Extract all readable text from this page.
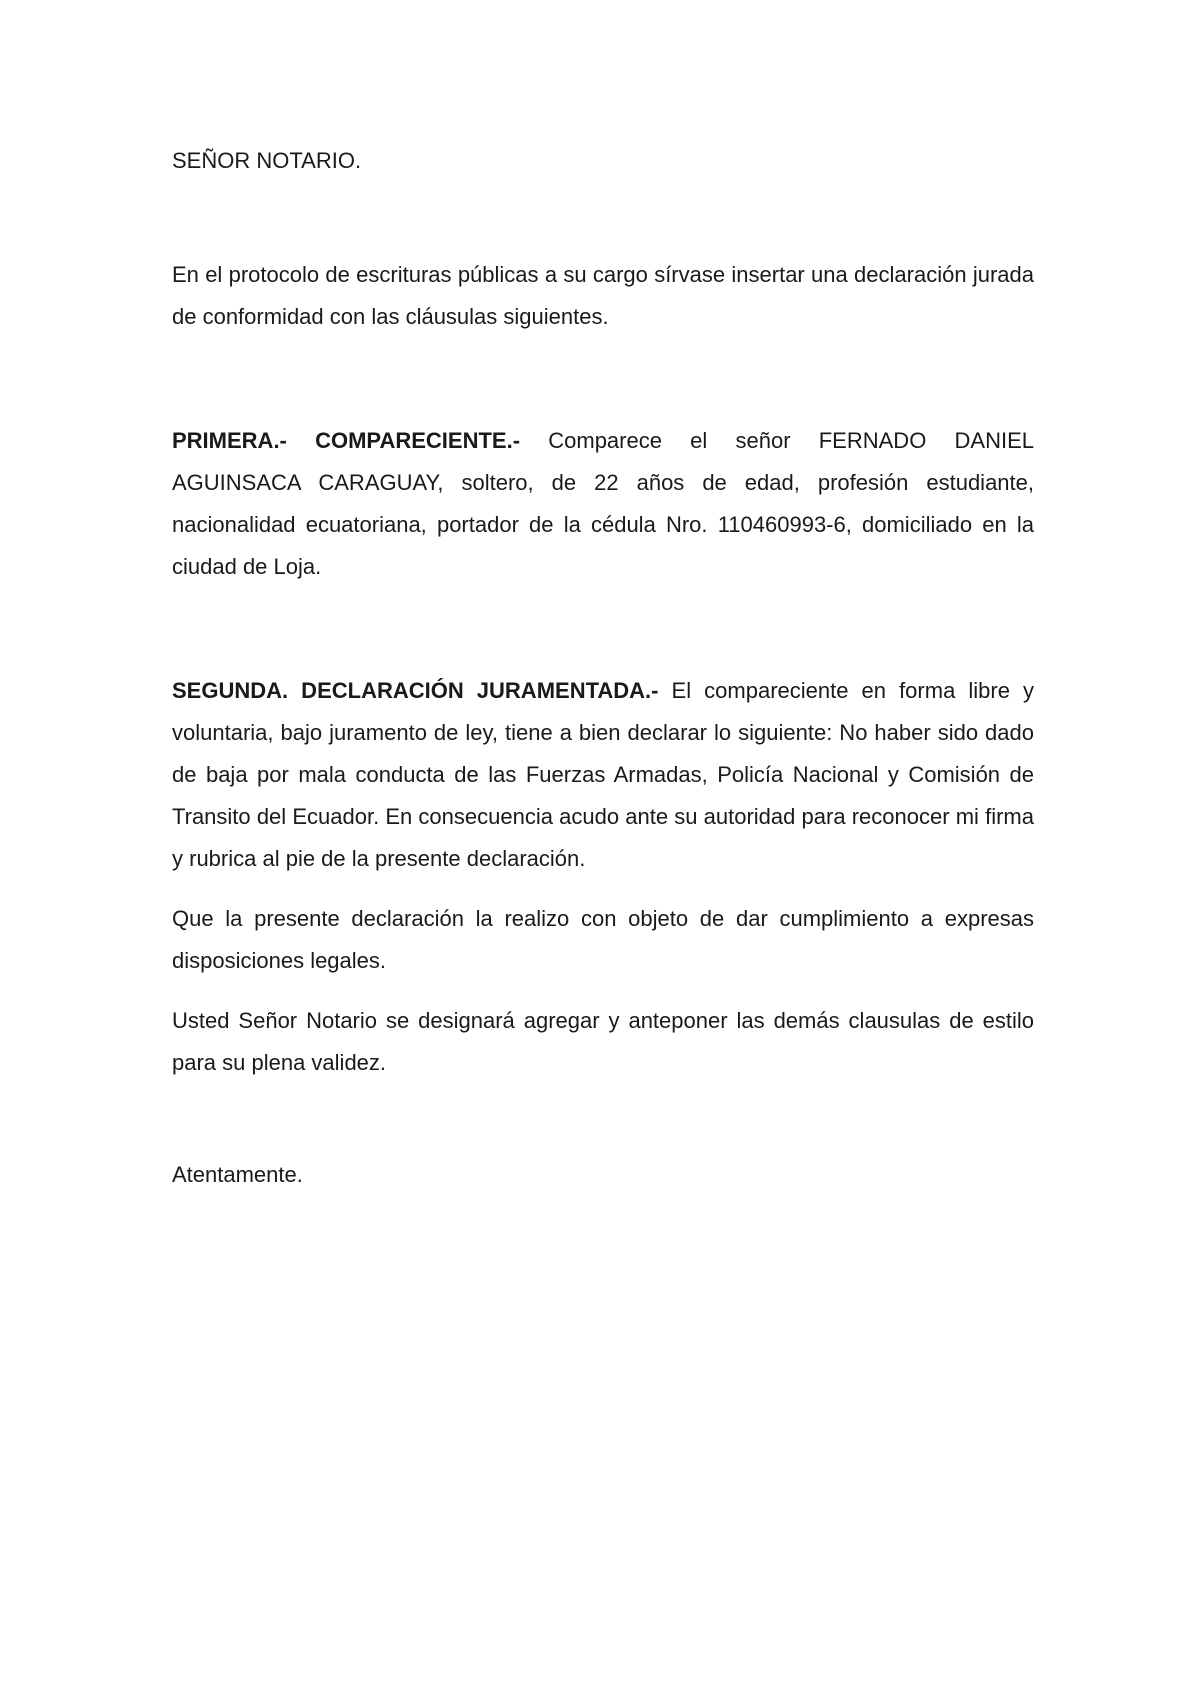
SEÑOR NOTARIO.

En el protocolo de escrituras públicas a su cargo sírvase insertar una declaración jurada de conformidad con las cláusulas siguientes.

PRIMERA.- COMPARECIENTE.- Comparece el señor FERNADO DANIEL AGUINSACA CARAGUAY, soltero, de 22 años de edad, profesión estudiante, nacionalidad ecuatoriana, portador de la cédula Nro. 110460993-6, domiciliado en la ciudad de Loja.

SEGUNDA. DECLARACIÓN JURAMENTADA.- El compareciente en forma libre y voluntaria, bajo juramento de ley, tiene a bien declarar lo siguiente: No haber sido dado de baja por mala conducta de las Fuerzas Armadas, Policía Nacional y Comisión de Transito del Ecuador. En consecuencia acudo ante su autoridad para reconocer mi firma y rubrica al pie de la presente declaración.

Que la presente declaración la realizo con objeto de dar cumplimiento a expresas disposiciones legales.

Usted Señor Notario se designará agregar y anteponer las demás clausulas de estilo para su plena validez.

Atentamente.
